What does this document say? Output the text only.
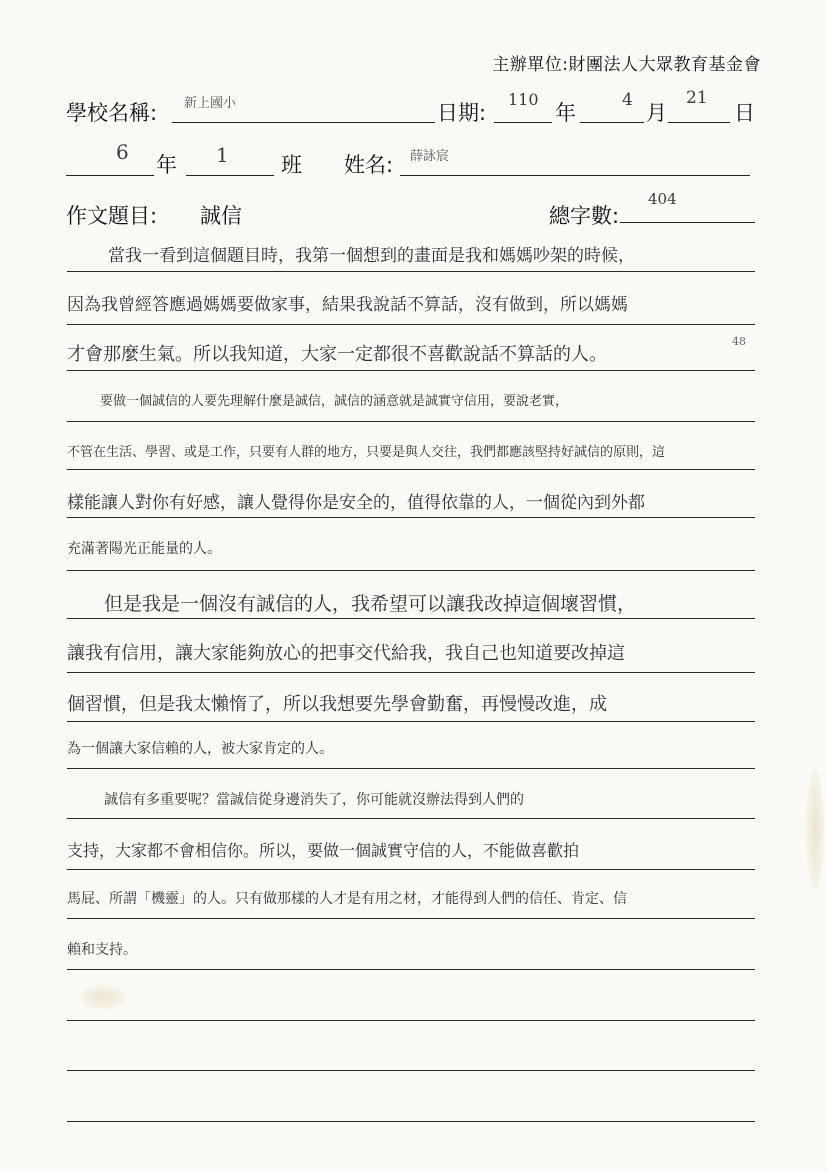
主辦單位:財團法人大眾教育基金會
學校名稱: 新上國小	日期:
110
年
4
月
21
日
6
年 1 班 姓名: 薛詠宸
作文題目: 誠信	總字數:
404
當我一看到這個題目時，我第一個想到的畫面是我和媽媽吵架的時候，
因為我曾經答應過媽媽要做家事，結果我說話不算話，沒有做到，所以媽媽
才會那麼生氣。所以我知道，大家一定都很不喜歡說話不算話的人。
要做一個誠信的人要先理解什麼是誠信，誠信的涵意就是誠實守信用，要說老實，
不管在生活、學習、或是工作，只要有人群的地方，只要是與人交往，我們都應該堅持好誠信的原則，這
樣能讓人對你有好感，讓人覺得你是安全的，值得依靠的人，一個從內到外都
充滿著陽光正能量的人。
但是我是一個沒有誠信的人，我希望可以讓我改掉這個壞習慣，
讓我有信用，讓大家能夠放心的把事交代給我，我自己也知道要改掉這
個習慣，但是我太懶惰了，所以我想要先學會勤奮，再慢慢改進，成
為一個讓大家信賴的人，被大家肯定的人。
誠信有多重要呢？當誠信從身邊消失了，你可能就沒辦法得到人們的
支持，大家都不會相信你。所以，要做一個誠實守信的人，不能做喜歡拍
馬屁、所謂「機靈」的人。只有做那樣的人才是有用之材，才能得到人們的信任、肯定、信
賴和支持。
48
